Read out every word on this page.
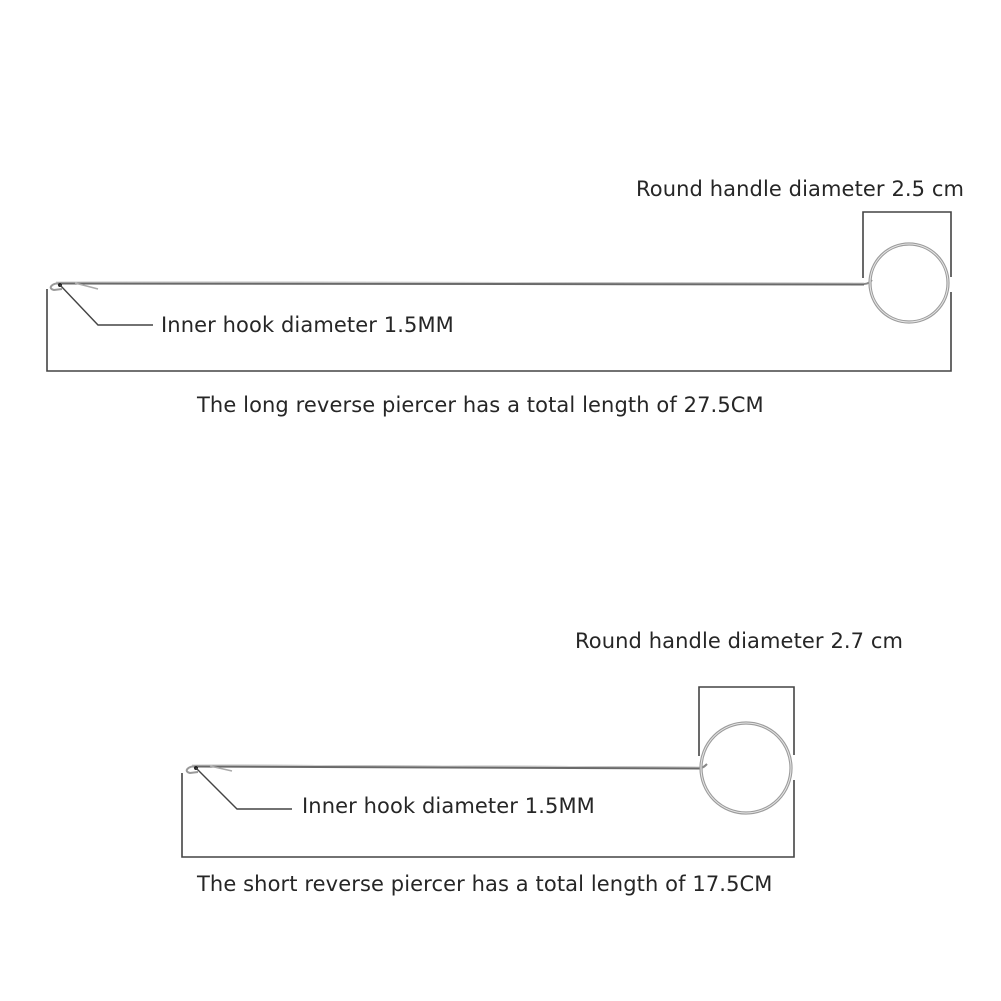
Round handle diameter 2.5 cm
Inner hook diameter 1.5MM
The long reverse piercer has a total length of 27.5CM
Round handle diameter 2.7 cm
Inner hook diameter 1.5MM
The short reverse piercer has a total length of 17.5CM
